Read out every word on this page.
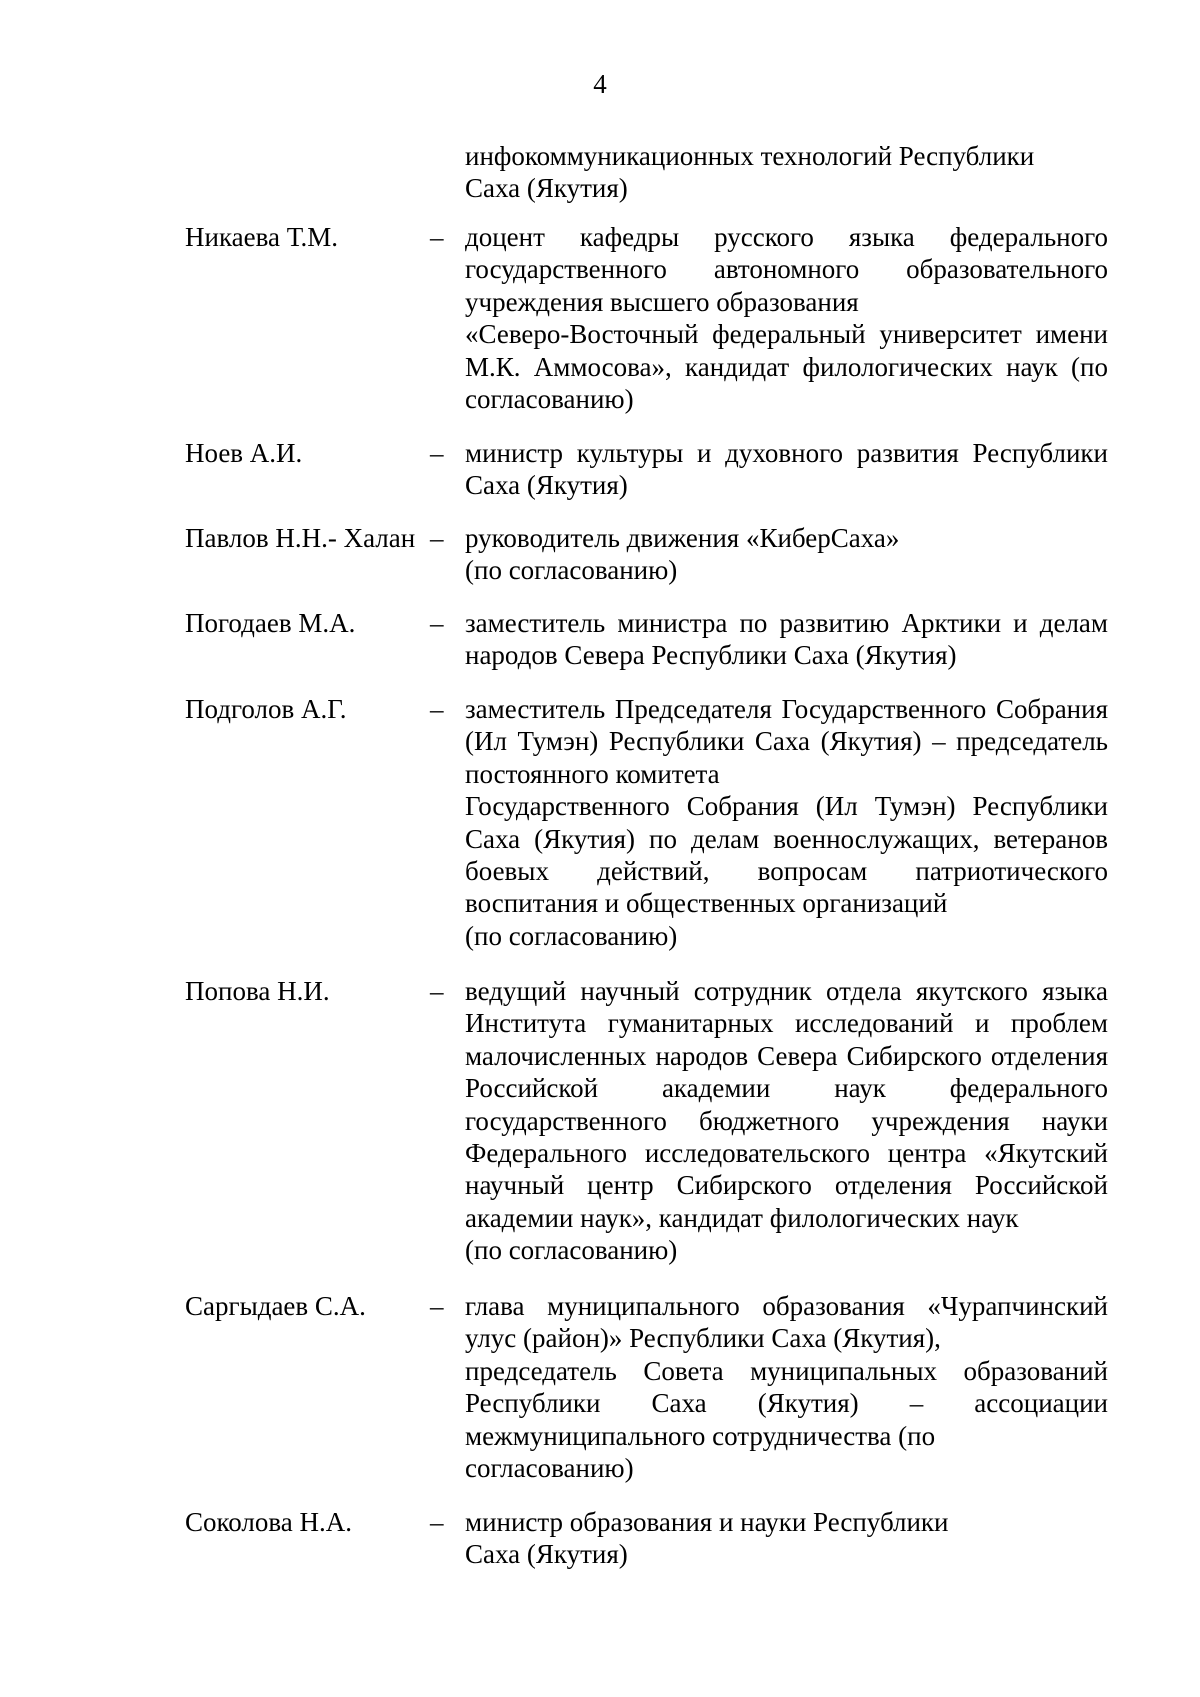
4
инфокоммуникационных технологий Республики
Саха (Якутия)
Никаева Т.М.	– доцент кафедры русского языка федерального государственного автономного образовательного учреждения высшего образования
«Северо-Восточный федеральный университет имени М.К. Аммосова», кандидат филологических наук (по согласованию)
Ноев А.И.	– министр культуры и духовного развития Республики Саха (Якутия)
Павлов Н.Н.- Халан – руководитель движения «КиберСаха»
(по согласованию)
Погодаев М.А.	– заместитель министра по развитию Арктики и делам народов Севера Республики Саха (Якутия)
Подголов А.Г.	– заместитель Председателя Государственного Собрания (Ил Тумэн) Республики Саха (Якутия) – председатель постоянного комитета
Государственного Собрания (Ил Тумэн) Республики Саха (Якутия) по делам военнослужащих, ветеранов боевых действий, вопросам патриотического воспитания и общественных организаций
(по согласованию)
Попова Н.И.	– ведущий научный сотрудник отдела якутского языка Института гуманитарных исследований и проблем малочисленных народов Севера Сибирского отделения Российской академии наук федерального государственного бюджетного учреждения науки Федерального исследовательского центра «Якутский научный центр Сибирского отделения Российской академии наук», кандидат филологических наук
(по согласованию)
Саргыдаев С.А.	– глава муниципального образования «Чурапчинский улус (район)» Республики Саха (Якутия),
председатель Совета муниципальных образований Республики Саха (Якутия) – ассоциации межмуниципального сотрудничества (по
согласованию)
Соколова Н.А.	– министр образования и науки Республики
Саха (Якутия)
